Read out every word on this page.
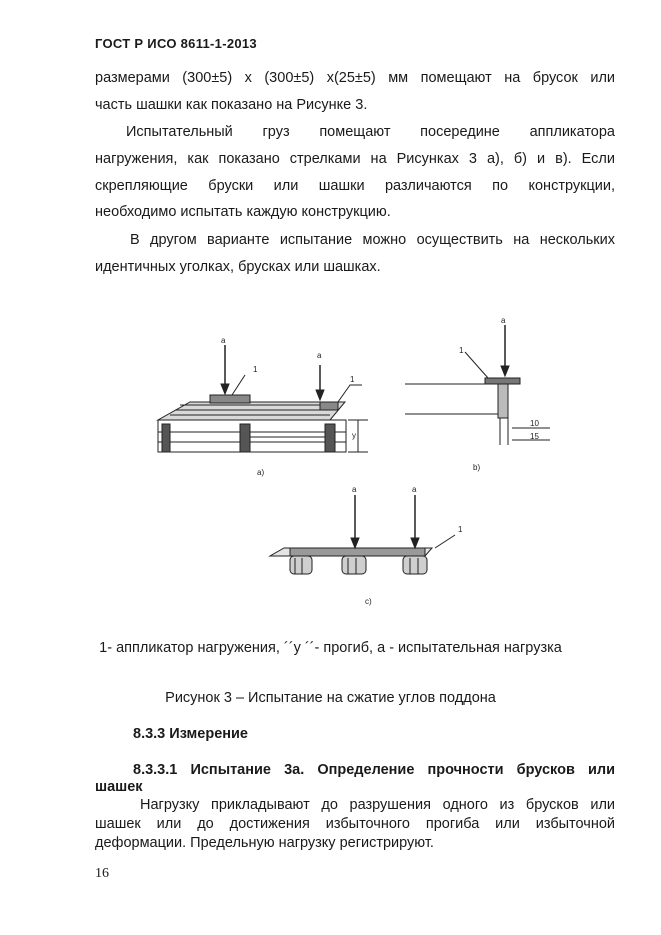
ГОСТ Р ИСО 8611-1-2013
размерами (300±5) х (300±5) х(25±5) мм помещают на брусок или
часть шашки как показано на Рисунке 3.
Испытательный груз помещают посередине аппликатора
нагружения, как показано стрелками на Рисунках 3 а), б) и в). Если
скрепляющие бруски или шашки различаются по конструкции,
необходимо испытать каждую конструкцию.
В другом варианте испытание можно осуществить на нескольких
идентичных уголках, брусках или шашках.
a
a
1
1
y
a)
a
1
10
15
b)
a	a
1
c)
1- аппликатор нагружения, ´´у ´´- прогиб, а - испытательная нагрузка
Рисунок 3 – Испытание на сжатие углов поддона
8.3.3 Измерение
8.3.3.1 Испытание 3а. Определение прочности брусков или
шашек
Нагрузку прикладывают до разрушения одного из брусков или
шашек или до достижения избыточного прогиба или избыточной
деформации. Предельную нагрузку регистрируют.
16
